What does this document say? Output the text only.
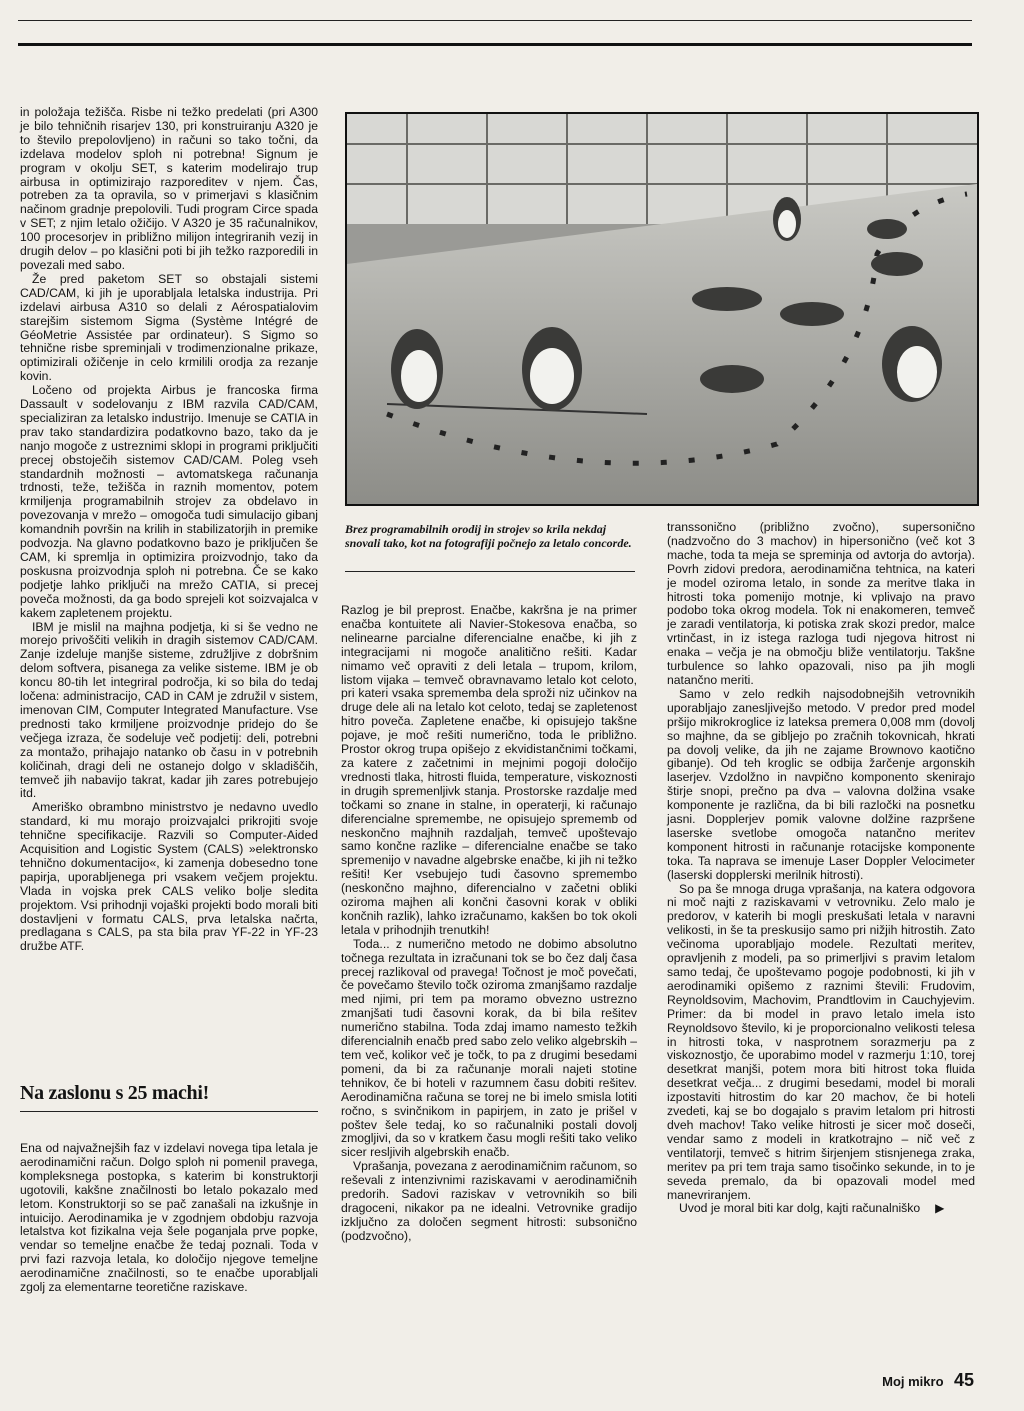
in položaja težišča. Risbe ni težko predelati (pri A300 je bilo tehničnih risarjev 130, pri konstruiranju A320 je to število prepolovljeno) in računi so tako točni, da izdelava modelov sploh ni potrebna! Signum je program v okolju SET, s katerim modelirajo trup airbusa in optimizirajo razporeditev v njem. Čas, potreben za ta opravila, so v primerjavi s klasičnim načinom gradnje prepolovili. Tudi program Circe spada v SET; z njim letalo ožičijo. V A320 je 35 računalnikov, 100 procesorjev in približno milijon integriranih vezij in drugih delov – po klasični poti bi jih težko razporedili in povezali med sabo.

Že pred paketom SET so obstajali sistemi CAD/CAM, ki jih je uporabljala letalska industrija. Pri izdelavi airbusa A310 so delali z Aérospatialovim starejšim sistemom Sigma (Système Intégré de GéoMetrie Assistée par ordinateur). S Sigmo so tehnične risbe spreminjali v trodimenzionalne prikaze, optimizirali ožičenje in celo krmilili orodja za rezanje kovin.

Ločeno od projekta Airbus je francoska firma Dassault v sodelovanju z IBM razvila CAD/CAM, specializiran za letalsko industrijo. Imenuje se CATIA in prav tako standardizira podatkovno bazo, tako da je nanjo mogoče z ustreznimi sklopi in programi priključiti precej obstoječih sistemov CAD/CAM. Poleg vseh standardnih možnosti – avtomatskega računanja trdnosti, teže, težišča in raznih momentov, potem krmiljenja programabilnih strojev za obdelavo in povezovanja v mrežo – omogoča tudi simulacijo gibanj komandnih površin na krilih in stabilizatorjih in premike podvozja. Na glavno podatkovno bazo je priključen še CAM, ki spremlja in optimizira proizvodnjo, tako da poskusna proizvodnja sploh ni potrebna. Če se kako podjetje lahko priključi na mrežo CATIA, si precej poveča možnosti, da ga bodo sprejeli kot soizvajalca v kakem zapletenem projektu.

IBM je mislil na majhna podjetja, ki si še vedno ne morejo privoščiti velikih in dragih sistemov CAD/CAM. Zanje izdeluje manjše sisteme, združljive z dobršnim delom softvera, pisanega za velike sisteme. IBM je ob koncu 80-tih let integriral področja, ki so bila do tedaj ločena: administracijo, CAD in CAM je združil v sistem, imenovan CIM, Computer Integrated Manufacture. Vse prednosti tako krmiljene proizvodnje pridejo do še večjega izraza, če sodeluje več podjetij: deli, potrebni za montažo, prihajajo natanko ob času in v potrebnih količinah, dragi deli ne ostanejo dolgo v skladiščih, temveč jih nabavijo takrat, kadar jih zares potrebujejo itd.

Ameriško obrambno ministrstvo je nedavno uvedlo standard, ki mu morajo proizvajalci prikrojiti svoje tehnične specifikacije. Razvili so Computer-Aided Acquisition and Logistic System (CALS) »elektronsko tehnično dokumentacijo«, ki zamenja dobesedno tone papirja, uporabljenega pri vsakem večjem projektu. Vlada in vojska prek CALS veliko bolje sledita projektom. Vsi prihodnji vojaški projekti bodo morali biti dostavljeni v formatu CALS, prva letalska načrta, predlagana s CALS, pa sta bila prav YF-22 in YF-23 družbe ATF.

Na zaslonu s 25 machi!

Ena od najvažnejših faz v izdelavi novega tipa letala je aerodinamični račun. Dolgo sploh ni pomenil pravega, kompleksnega postopka, s katerim bi konstruktorji ugotovili, kakšne značilnosti bo letalo pokazalo med letom. Konstruktorji so se pač zanašali na izkušnje in intuicijo. Aerodinamika je v zgodnjem obdobju razvoja letalstva kot fizikalna veja šele poganjala prve popke, vendar so temeljne enačbe že tedaj poznali. Toda v prvi fazi razvoja letala, ko določijo njegove temeljne aerodinamične značilnosti, so te enačbe uporabljali zgolj za elementarne teoretične raziskave.

Brez programabilnih orodij in strojev so krila nekdaj snovali tako, kot na fotografiji počnejo za letalo concorde.

Razlog je bil preprost. Enačbe, kakršna je na primer enačba kontuitete ali Navier-Stokesova enačba, so nelinearne parcialne diferencialne enačbe, ki jih z integracijami ni mogoče analitično rešiti. Kadar nimamo več opraviti z deli letala – trupom, krilom, listom vijaka – temveč obravnavamo letalo kot celoto, pri kateri vsaka sprememba dela sproži niz učinkov na druge dele ali na letalo kot celoto, tedaj se zapletenost hitro poveča. Zapletene enačbe, ki opisujejo takšne pojave, je moč rešiti numerično, toda le približno. Prostor okrog trupa opišejo z ekvidistančnimi točkami, za katere z začetnimi in mejnimi pogoji določijo vrednosti tlaka, hitrosti fluida, temperature, viskoznosti in drugih spremenljivk stanja. Prostorske razdalje med točkami so znane in stalne, in operaterji, ki računajo diferencialne spremembe, ne opisujejo sprememb od neskončno majhnih razdaljah, temveč upoštevajo samo končne razlike – diferencialne enačbe se tako spremenijo v navadne algebrske enačbe, ki jih ni težko rešiti! Ker vsebujejo tudi časovno spremembo (neskončno majhno, diferencialno v začetni obliki oziroma majhen ali končni časovni korak v obliki končnih razlik), lahko izračunamo, kakšen bo tok okoli letala v prihodnjih trenutkih!

Toda... z numerično metodo ne dobimo absolutno točnega rezultata in izračunani tok se bo čez dalj časa precej razlikoval od pravega! Točnost je moč povečati, če povečamo število točk oziroma zmanjšamo razdalje med njimi, pri tem pa moramo obvezno ustrezno zmanjšati tudi časovni korak, da bi bila rešitev numerično stabilna. Toda zdaj imamo namesto težkih diferencialnih enačb pred sabo zelo veliko algebrskih – tem več, kolikor več je točk, to pa z drugimi besedami pomeni, da bi za računanje morali najeti stotine tehnikov, če bi hoteli v razumnem času dobiti rešitev. Aerodinamična računa se torej ne bi imelo smisla lotiti ročno, s svinčnikom in papirjem, in zato je prišel v poštev šele tedaj, ko so računalniki postali dovolj zmogljivi, da so v kratkem času mogli rešiti tako veliko sicer resljivih algebrskih enačb.

Vprašanja, povezana z aerodinamičnim računom, so reševali z intenzivnimi raziskavami v aerodinamičnih predorih. Sadovi raziskav v vetrovnikih so bili dragoceni, nikakor pa ne idealni. Vetrovnike gradijo izključno za določen segment hitrosti: subsonično (podzvočno),

transsonično (približno zvočno), supersonično (nadzvočno do 3 machov) in hipersonično (več kot 3 mache, toda ta meja se spreminja od avtorja do avtorja). Povrh zidovi predora, aerodinamična tehtnica, na kateri je model oziroma letalo, in sonde za meritve tlaka in hitrosti toka pomenijo motnje, ki vplivajo na pravo podobo toka okrog modela. Tok ni enakomeren, temveč je zaradi ventilatorja, ki potiska zrak skozi predor, malce vrtinčast, in iz istega razloga tudi njegova hitrost ni enaka – večja je na območju bliže ventilatorju. Takšne turbulence so lahko opazovali, niso pa jih mogli natančno meriti.

Samo v zelo redkih najsodobnejših vetrovnikih uporabljajo zanesljivejšo metodo. V predor pred model pršijo mikrokroglice iz lateksa premera 0,008 mm (dovolj so majhne, da se gibljejo po zračnih tokovnicah, hkrati pa dovolj velike, da jih ne zajame Brownovo kaotično gibanje). Od teh kroglic se odbija žarčenje argonskih laserjev. Vzdolžno in navpično komponento skenirajo štirje snopi, prečno pa dva – valovna dolžina vsake komponente je različna, da bi bili razločki na posnetku jasni. Dopplerjev pomik valovne dolžine razpršene laserske svetlobe omogoča natančno meritev komponent hitrosti in računanje rotacijske komponente toka. Ta naprava se imenuje Laser Doppler Velocimeter (laserski dopplerski merilnik hitrosti).

So pa še mnoga druga vprašanja, na katera odgovora ni moč najti z raziskavami v vetrovniku. Zelo malo je predorov, v katerih bi mogli preskušati letala v naravni velikosti, in še ta preskusijo samo pri nižjih hitrostih. Zato večinoma uporabljajo modele. Rezultati meritev, opravljenih z modeli, pa so primerljivi s pravim letalom samo tedaj, če upoštevamo pogoje podobnosti, ki jih v aerodinamiki opišemo z raznimi števili: Frudovim, Reynoldsovim, Machovim, Prandtlovim in Cauchyjevim. Primer: da bi model in pravo letalo imela isto Reynoldsovo število, ki je proporcionalno velikosti telesa in hitrosti toka, v nasprotnem sorazmerju pa z viskoznostjo, če uporabimo model v razmerju 1:10, torej desetkrat manjši, potem mora biti hitrost toka fluida desetkrat večja... z drugimi besedami, model bi morali izpostaviti hitrostim do kar 20 machov, če bi hoteli zvedeti, kaj se bo dogajalo s pravim letalom pri hitrosti dveh machov! Tako velike hitrosti je sicer moč doseči, vendar samo z modeli in kratkotrajno – nič več z ventilatorji, temveč s hitrim širjenjem stisnjenega zraka, meritev pa pri tem traja samo tisočinko sekunde, in to je seveda premalo, da bi opazovali model med manevriranjem.

Uvod je moral biti kar dolg, kajti računalniško ▶

Moj mikro 45
